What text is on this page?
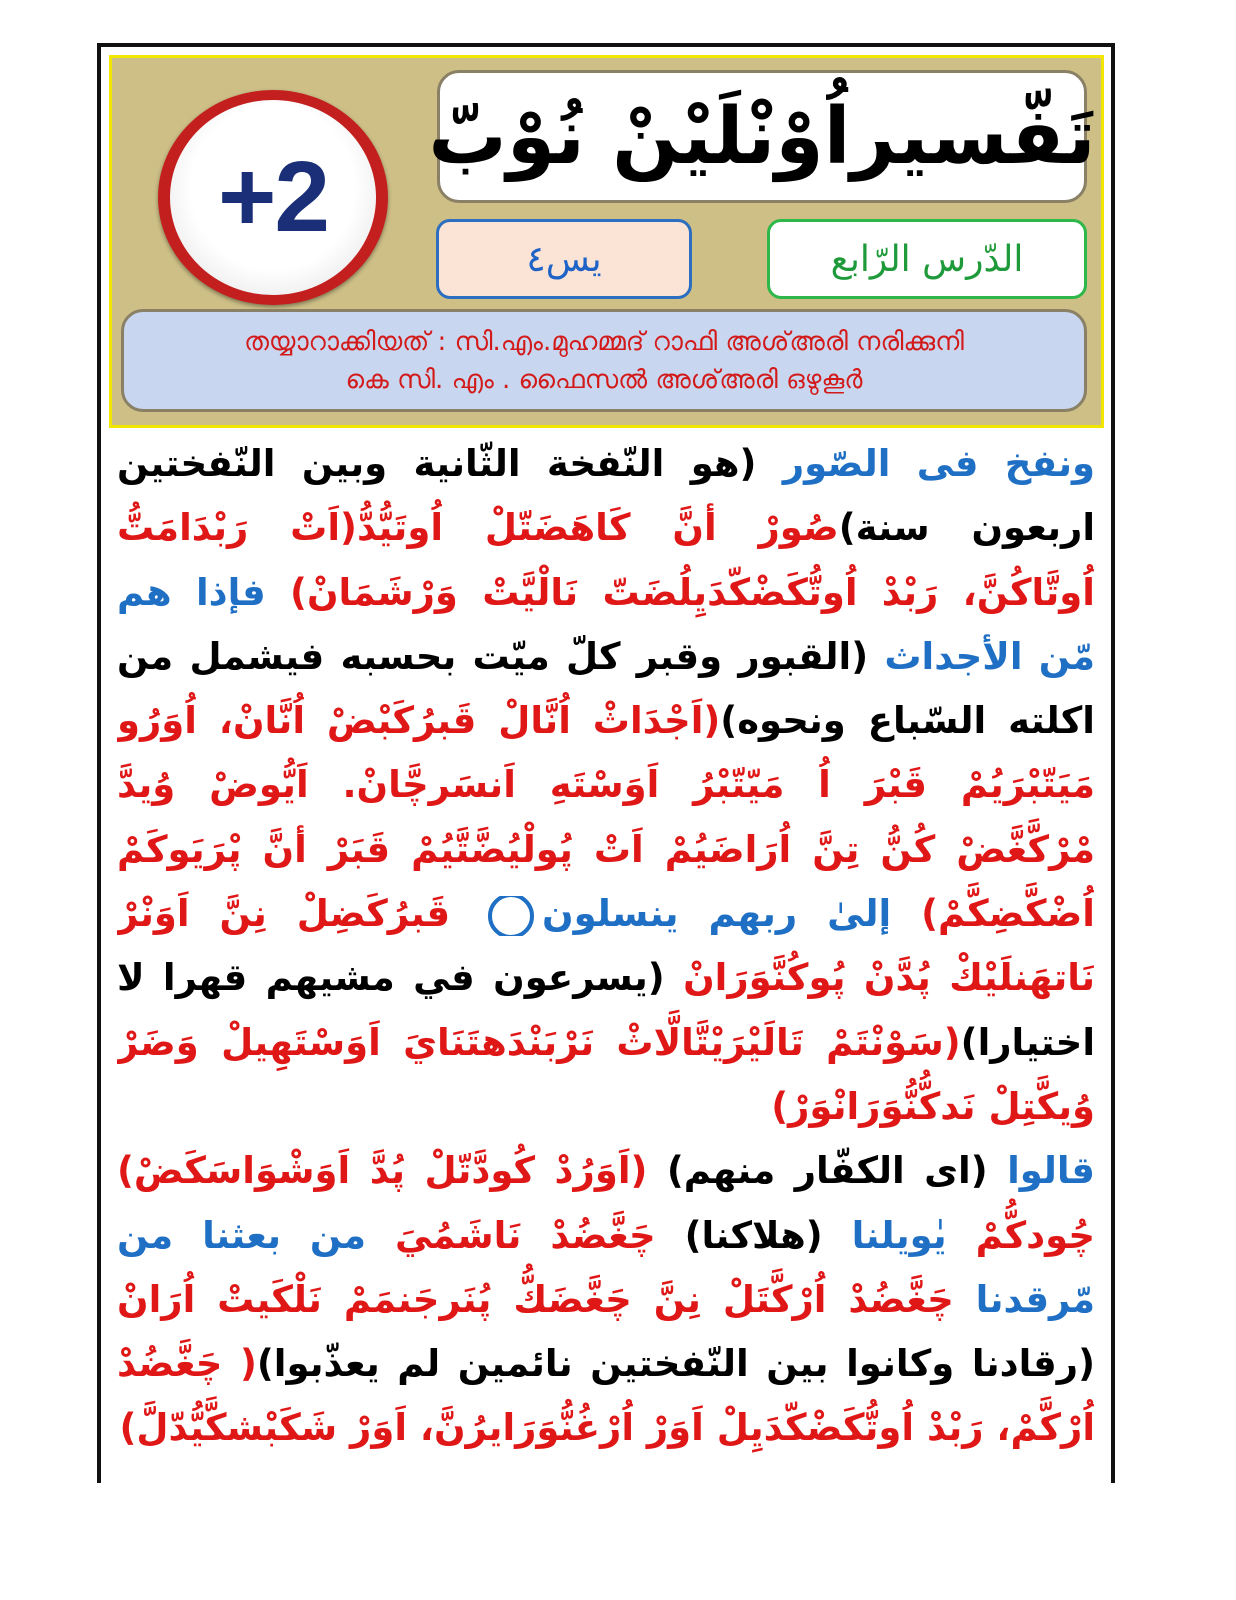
+2
تَفّسيراُوْنْلَيْنْ نُوْبّ
الدّرس الرّابع
يس٤
തയ്യാറാക്കിയത് : സി.എം.മുഹമ്മദ് റാഫി അശ്അരി നരിക്കുനി
കെ സി. എം . ഫൈസൽ അശ്അരി ഒഴുകൂർ
ونفخ فى الصّور (هو النّفخة الثّانية وبين النّفختين اربعون سنة)صُورْ أنَّ كَاهَضَتّلْ اُوتَيُّدُّ(اَتْ رَبْدَامَتُّ اُوتَّاكُنَّ، رَبْدْ اُوتُّكَضْكّدَيِلُضَتّ نَالْيَّتْ وَرْشَمَانْ) فإذا هم مّن الأجداث (القبور وقبر كلّ ميّت بحسبه فيشمل من اكلته السّباع ونحوه)(اَجْدَاثْ اُنَّالْ قَبرُكَبْضْ اُنَّانْ، اُوَرُو مَيَتّبْرَيُمْ قَبْرَ اُ مَيّتّبْرُ اَوَسْتَهِ اَنسَرچَّانْ. اَيُّوضْ وُيدَّ مْرْكَّغَّضْ كُنُّ تِنَّ اُرَاضَيُمْ اَتْ پُولْيُضَّتَّيُمْ قَبَرْ أنَّ پْرَيَوكَمْ اُضْكَّضِكَّمْ) إلىٰ ربهم ينسلون قَبرُكَضِلْ نِنَّ اَوَنْرْ نَاتهَنلَيْكْ پُدَّنْ پُوكُنَّوَرَانْ (يسرعون في مشيهم قهرا لا اختيارا)(سَوْنْتَمْ تَالَيْرَيْتَّالَّاثْ نَرْبَنْدَهتَنَايَ اَوَسْتَهِيلْ وَضَرْ وُيكَّتِلْ نَدكُّنُّوَرَانْوَرْ)
قالوا (اى الكفّار منهم) (اَوَرُدْ كُودَّتّلْ پُدَّ اَوَشْوَاسَكَضْ) چُودكُّمْ يٰويلنا (هلاكنا) چَغَّضُدْ نَاشَمُيَ من بعثنا من مّرقدنا چَغَّضُدْ اُرْكَّتَلْ نِنَّ چَغَّضَكُّ پُنَرجَنمَمْ نَلْكَيتْ اُرَانْ (رقادنا وكانوا بين النّفختين نائمين لم يعذّبوا)( چَغَّضُدْ اُرْكَّمْ، رَبْدْ اُوتُّكَضْكّدَيِلْ اَوَرْ اُرْغُنُّوَرَايرُنَّ، اَوَرْ شَكَبْشكَّيُّدّلَّ)
